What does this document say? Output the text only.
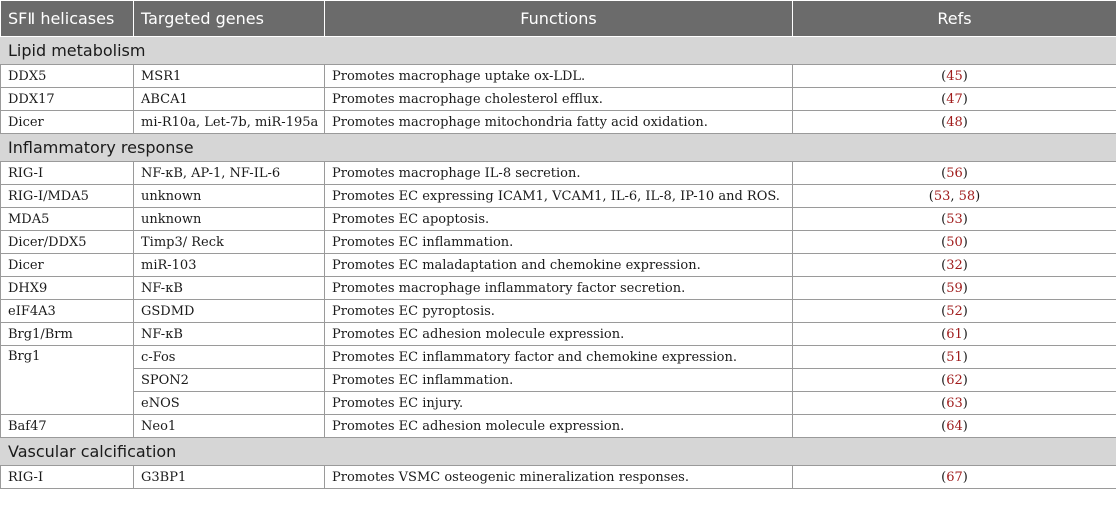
SFⅡ helicases	Targeted genes	Functions	Refs
Lipid metabolism			
DDX5	MSR1	Promotes macrophage uptake ox-LDL.	(45)
DDX17	ABCA1	Promotes macrophage cholesterol efflux.	(47)
Dicer	mi-R10a, Let-7b, miR-195a	Promotes macrophage mitochondria fatty acid oxidation.	(48)
Inflammatory response			
RIG-I	NF-κB, AP-1, NF-IL-6	Promotes macrophage IL-8 secretion.	(56)
RIG-I/MDA5	unknown	Promotes EC expressing ICAM1, VCAM1, IL-6, IL-8, IP-10 and ROS.	(53, 58)
MDA5	unknown	Promotes EC apoptosis.	(53)
Dicer/DDX5	Timp3/ Reck	Promotes EC inflammation.	(50)
Dicer	miR-103	Promotes EC maladaptation and chemokine expression.	(32)
DHX9	NF-κB	Promotes macrophage inflammatory factor secretion.	(59)
eIF4A3	GSDMD	Promotes EC pyroptosis.	(52)
Brg1/Brm	NF-κB	Promotes EC adhesion molecule expression.	(61)
Brg1	c-Fos	Promotes EC inflammatory factor and chemokine expression.	(51)
	SPON2	Promotes EC inflammation.	(62)
	eNOS	Promotes EC injury.	(63)
Baf47	Neo1	Promotes EC adhesion molecule expression.	(64)
Vascular calcification			
RIG-I	G3BP1	Promotes VSMC osteogenic mineralization responses.	(67)
